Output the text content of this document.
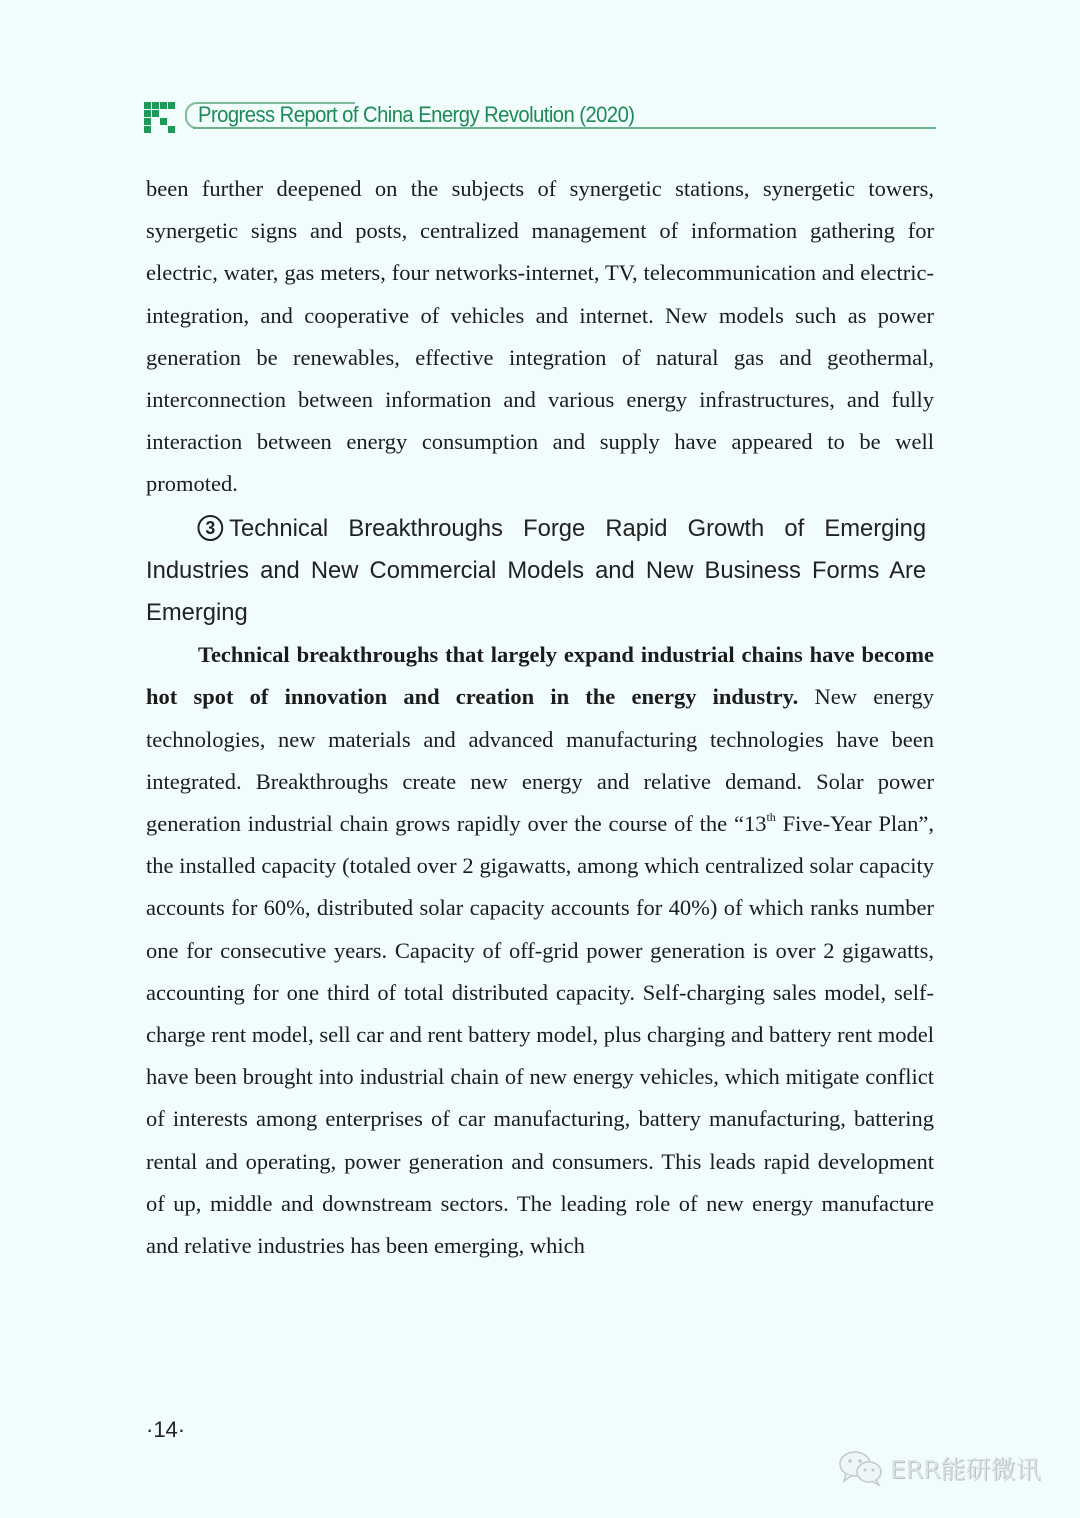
Progress Report of China Energy Revolution (2020)

been further deepened on the subjects of synergetic stations, synergetic towers, synergetic signs and posts, centralized management of information gathering for electric, water, gas meters, four networks-internet, TV, telecommunication and electric- integration, and cooperative of vehicles and internet. New models such as power generation be renewables, effective integration of natural gas and geothermal, interconnection between information and various energy infrastructures, and fully interaction between energy consumption and supply have appeared to be well promoted.

3 Technical Breakthroughs Forge Rapid Growth of Emerging Industries and New Commercial Models and New Business Forms Are Emerging

Technical breakthroughs that largely expand industrial chains have become hot spot of innovation and creation in the energy industry. New energy technologies, new materials and advanced manufacturing technologies have been integrated. Breakthroughs create new energy and relative demand. Solar power generation industrial chain grows rapidly over the course of the “13th Five-Year Plan”, the installed capacity (totaled over 2 gigawatts, among which centralized solar capacity accounts for 60%, distributed solar capacity accounts for 40%) of which ranks number one for consecutive years. Capacity of off-grid power generation is over 2 gigawatts, accounting for one third of total distributed capacity. Self-charging sales model, self-charge rent model, sell car and rent battery model, plus charging and battery rent model have been brought into industrial chain of new energy vehicles, which mitigate conflict of interests among enterprises of car manufacturing, battery manufacturing, battering rental and operating, power generation and consumers. This leads rapid development of up, middle and downstream sectors. The leading role of new energy manufacture and relative industries has been emerging, which

·14·
ERR能研微讯
